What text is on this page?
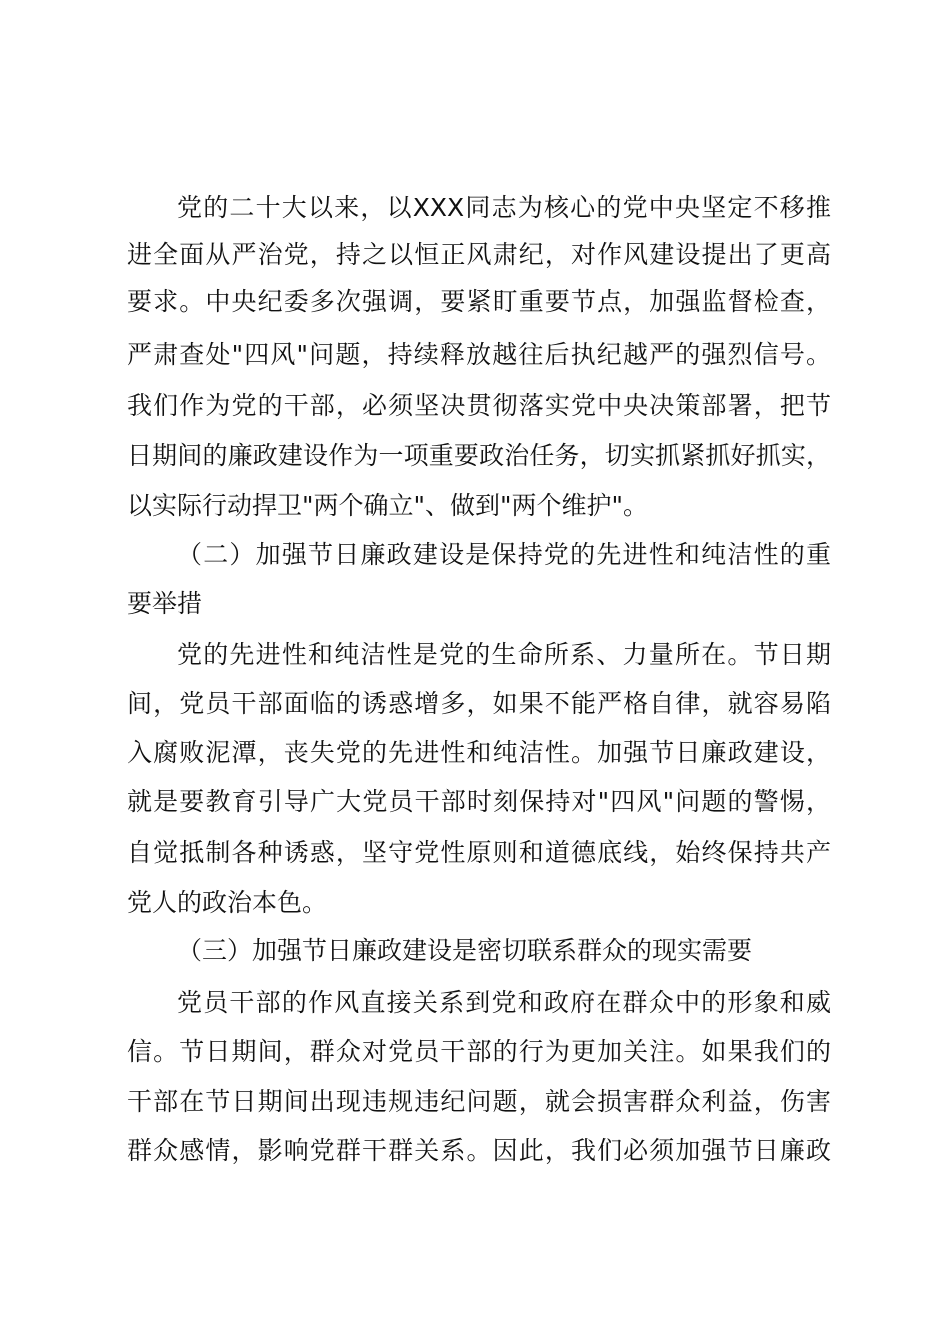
党的二十大以来，以XXX同志为核心的党中央坚定不移推
进全面从严治党，持之以恒正风肃纪，对作风建设提出了更高
要求。中央纪委多次强调，要紧盯重要节点，加强监督检查，
严肃查处"四风"问题，持续释放越往后执纪越严的强烈信号。
我们作为党的干部，必须坚决贯彻落实党中央决策部署，把节
日期间的廉政建设作为一项重要政治任务，切实抓紧抓好抓实，
以实际行动捍卫"两个确立"、做到"两个维护"。
（二）加强节日廉政建设是保持党的先进性和纯洁性的重
要举措
党的先进性和纯洁性是党的生命所系、力量所在。节日期
间，党员干部面临的诱惑增多，如果不能严格自律，就容易陷
入腐败泥潭，丧失党的先进性和纯洁性。加强节日廉政建设，
就是要教育引导广大党员干部时刻保持对"四风"问题的警惕，
自觉抵制各种诱惑，坚守党性原则和道德底线，始终保持共产
党人的政治本色。
（三）加强节日廉政建设是密切联系群众的现实需要
党员干部的作风直接关系到党和政府在群众中的形象和威
信。节日期间，群众对党员干部的行为更加关注。如果我们的
干部在节日期间出现违规违纪问题，就会损害群众利益，伤害
群众感情，影响党群干群关系。因此，我们必须加强节日廉政
